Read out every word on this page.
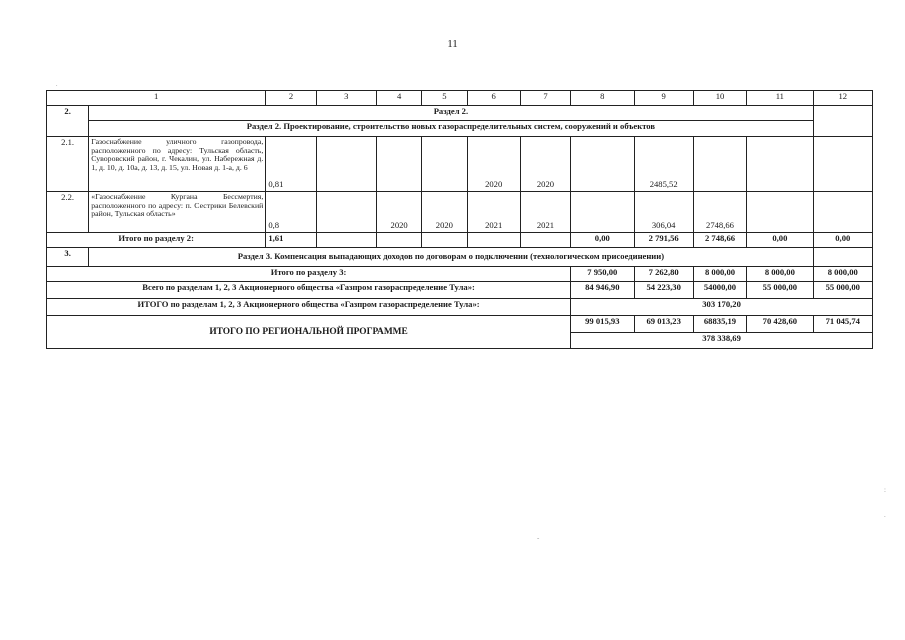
11
.
1		2	3	4	5	6	7	8	9	10	11	12
2.	Раздел 2.											
	Раздел 2. Проектирование, строительство новых газораспределительных систем, сооружений и объектов											
2.1.	Газоснабжение уличного газопровода, расположенного по адресу: Тульская область, Суворовский район, г. Чекалин, ул. Набережная д. 1, д. 10, д. 10а, д. 13, д. 15, ул. Новая д. 1-а, д. 6	0,81				2020	2020		2485,52			
2.2.	«Газоснабжение Кургана Бессмертия, расположенного по адресу: п. Сестрики Белевский район, Тульская область»	0,8		2020	2020	2021	2021		306,04	2748,66		
Итого по разделу 2:		1,61						0,00	2 791,56	2 748,66	0,00	0,00
3.	Раздел 3. Компенсация выпадающих доходов по договорам о подключении (технологическом присоединении)											
Итого по разделу 3:								7 950,00	7 262,80	8 000,00	8 000,00	8 000,00
Всего по разделам 1, 2, 3 Акционерного общества «Газпром газораспределение Тула»:								84 946,90	54 223,30	54000,00	55 000,00	55 000,00
ИТОГО по разделам 1, 2, 3 Акционерного общества «Газпром газораспределение Тула»:								303 170,20				
ИТОГО ПО РЕГИОНАЛЬНОЙ ПРОГРАММЕ								99 015,93	69 013,23	68835,19	70 428,60	71 045,74
								378 338,69				
:
.
-
